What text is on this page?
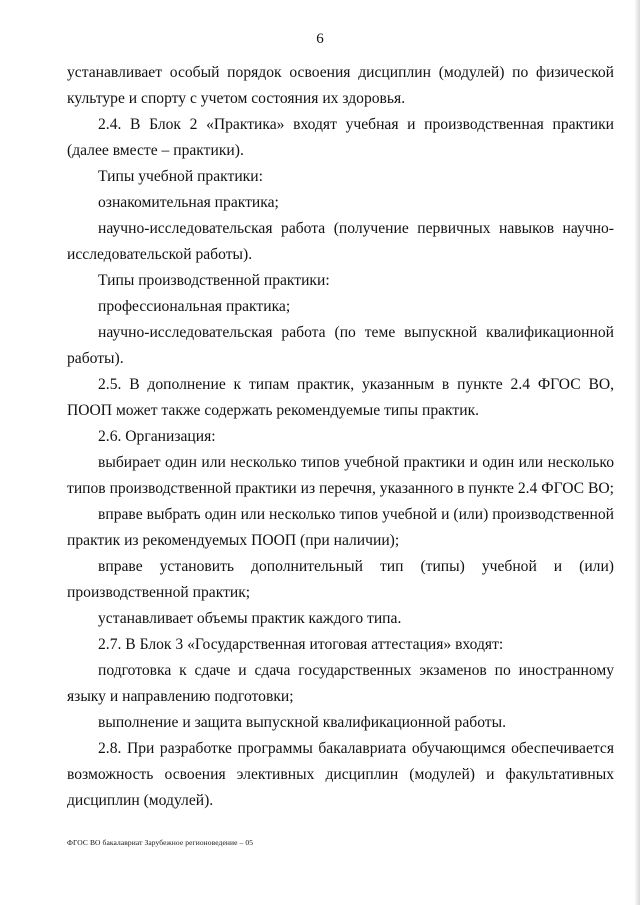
6

устанавливает особый порядок освоения дисциплин (модулей) по физической культуре и спорту с учетом состояния их здоровья.

2.4. В Блок 2 «Практика» входят учебная и производственная практики (далее вместе – практики).

Типы учебной практики:

ознакомительная практика;

научно-исследовательская работа (получение первичных навыков научно-исследовательской работы).

Типы производственной практики:

профессиональная практика;

научно-исследовательская работа (по теме выпускной квалификационной работы).

2.5. В дополнение к типам практик, указанным в пункте 2.4 ФГОС ВО, ПООП может также содержать рекомендуемые типы практик.

2.6. Организация:

выбирает один или несколько типов учебной практики и один или несколько типов производственной практики из перечня, указанного в пункте 2.4 ФГОС ВО;

вправе выбрать один или несколько типов учебной и (или) производственной практик из рекомендуемых ПООП (при наличии);

вправе установить дополнительный тип (типы) учебной и (или) производственной практик;

устанавливает объемы практик каждого типа.

2.7. В Блок 3 «Государственная итоговая аттестация» входят:

подготовка к сдаче и сдача государственных экзаменов по иностранному языку и направлению подготовки;

выполнение и защита выпускной квалификационной работы.

2.8. При разработке программы бакалавриата обучающимся обеспечивается возможность освоения элективных дисциплин (модулей) и факультативных дисциплин (модулей).

ФГОС ВО бакалавриат Зарубежное регионоведение – 05
